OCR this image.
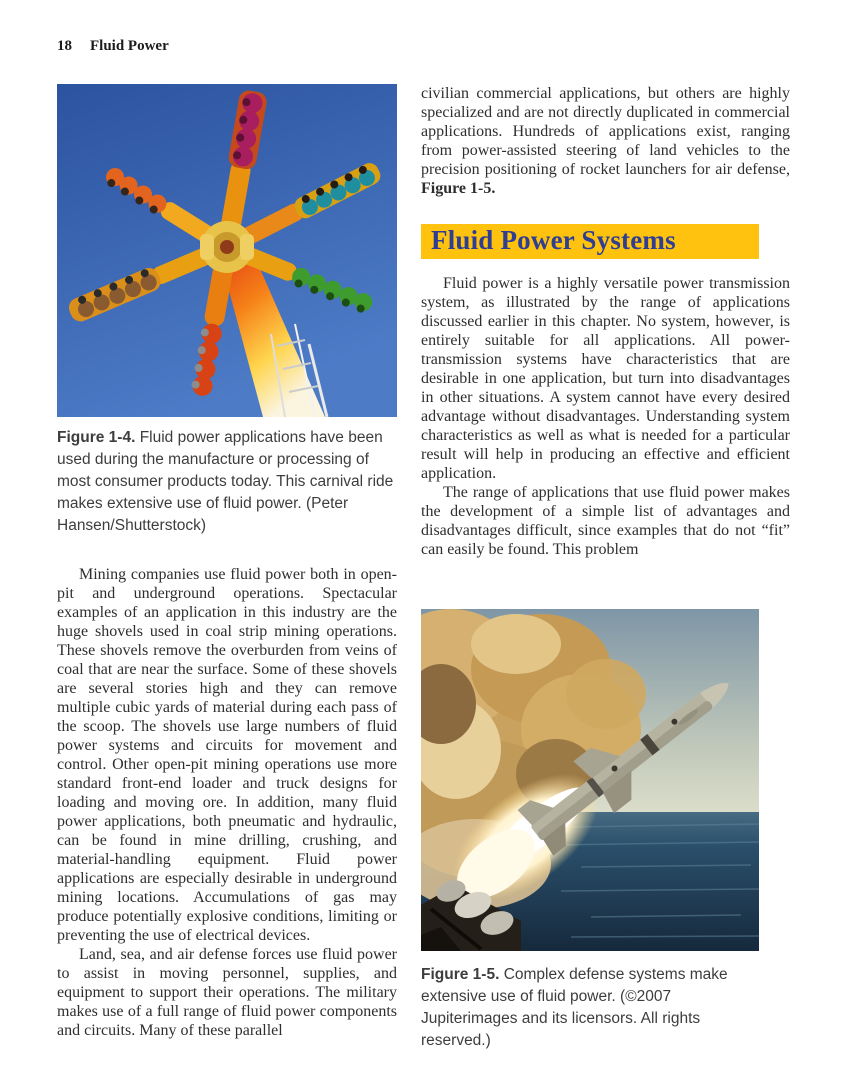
18 Fluid Power
Figure 1-4. Fluid power applications have been used during the manufacture or processing of most consumer products today. This carnival ride makes extensive use of fluid power. (Peter Hansen/Shutterstock)

Mining companies use fluid power both in open-pit and underground operations. Spectacular examples of an application in this industry are the huge shovels used in coal strip mining operations. These shovels remove the overburden from veins of coal that are near the surface. Some of these shovels are several stories high and they can remove multiple cubic yards of material during each pass of the scoop. The shovels use large numbers of fluid power systems and circuits for movement and control. Other open-pit mining operations use more standard front-end loader and truck designs for loading and moving ore. In addition, many fluid power applications, both pneumatic and hydraulic, can be found in mine drilling, crushing, and material-handling equipment. Fluid power applications are especially desirable in underground mining locations. Accumulations of gas may produce potentially explosive conditions, limiting or preventing the use of electrical devices.

Land, sea, and air defense forces use fluid power to assist in moving personnel, supplies, and equipment to support their operations. The military makes use of a full range of fluid power components and circuits. Many of these parallel

civilian commercial applications, but others are highly specialized and are not directly duplicated in commercial applications. Hundreds of applications exist, ranging from power-assisted steering of land vehicles to the precision positioning of rocket launchers for air defense, Figure 1-5.

Fluid Power Systems

Fluid power is a highly versatile power transmission system, as illustrated by the range of applications discussed earlier in this chapter. No system, however, is entirely suitable for all applications. All power-transmission systems have characteristics that are desirable in one application, but turn into disadvantages in other situations. A system cannot have every desired advantage without disadvantages. Understanding system characteristics as well as what is needed for a particular result will help in producing an effective and efficient application.

The range of applications that use fluid power makes the development of a simple list of advantages and disadvantages difficult, since examples that do not “fit” can easily be found. This problem

Figure 1-5. Complex defense systems make extensive use of fluid power. (©2007 Jupiterimages and its licensors. All rights reserved.)
